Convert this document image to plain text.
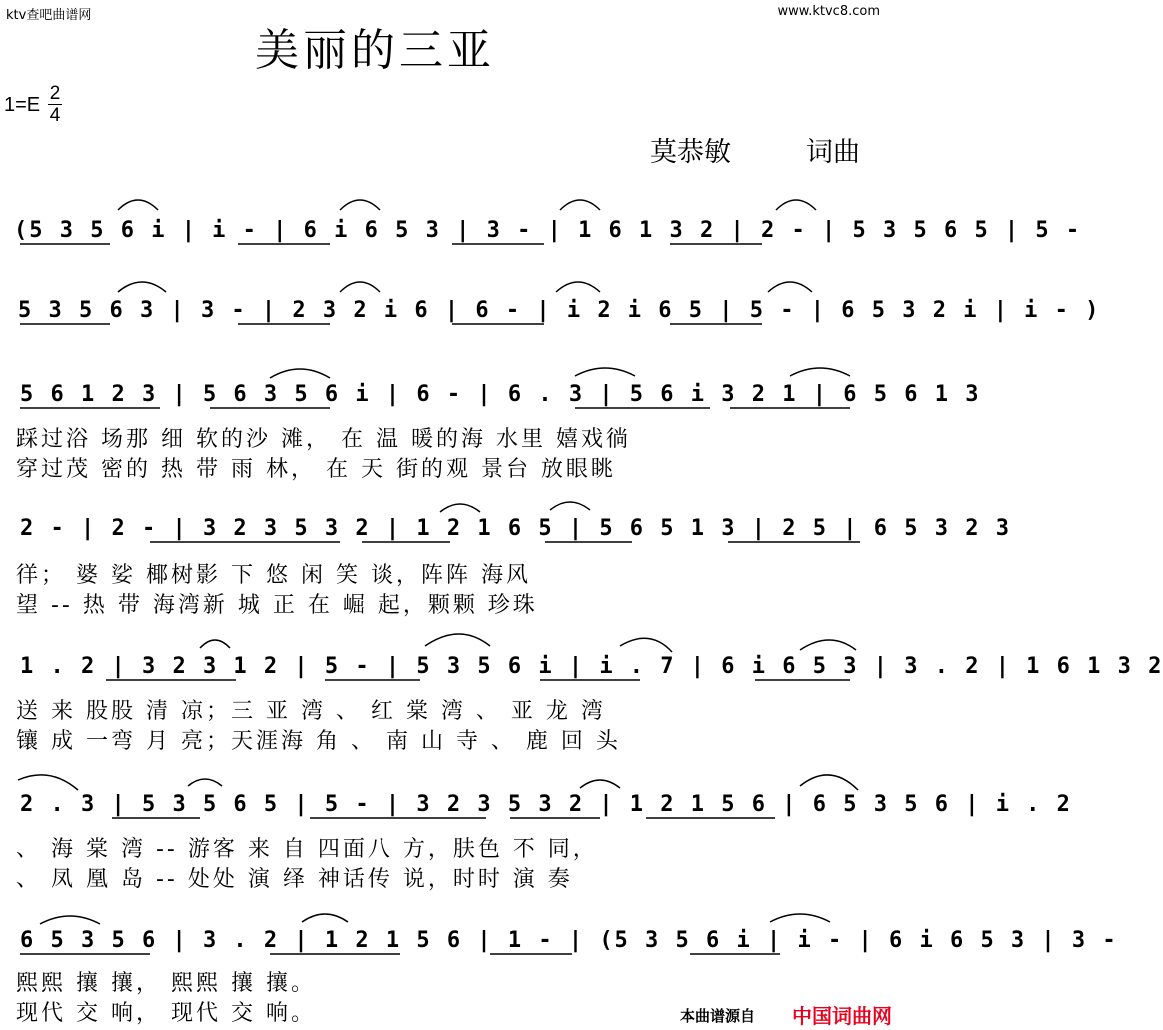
ktv查吧曲谱网	www.ktvc8.com
美丽的三亚
1=E
2
4
莫恭敏	词曲
(5 3 5 6 i | i - | 6 i 6 5 3 | 3 - | 1 6 1 3 2 | 2 - | 5 3 5 6 5 | 5 -
5 3 5 6 3 | 3 - | 2 3 2 i 6 | 6 - | i 2 i 6 5 | 5 - | 6 5 3 2 i | i - )
5 6 1 2 3 | 5 6 3 5 6 i | 6 - | 6 . 3 | 5 6 i 3 2 1 | 6 5 6 1 3
2 - | 2 - | 3 2 3 5 3 2 | 1 2 1 6 5 | 5 6 5 1 3 | 2 5 | 6 5 3 2 3
1 . 2 | 3 2 3 1 2 | 5 - | 5 3 5 6 i | i . 7 | 6 i 6 5 3 | 3 . 2 | 1 6 1 3 2
2 . 3 | 5 3 5 6 5 | 5 - | 3 2 3 5 3 2 | 1 2 1 5 6 | 6 5 3 5 6 | i . 2
6 5 3 5 6 | 3 . 2 | 1 2 1 5 6 | 1 - | (5 3 5 6 i | i - | 6 i 6 5 3 | 3 -
踩过浴 场那 细 软的沙 滩， 在 温 暖的海 水里 嬉戏徜
穿过茂 密的 热 带 雨 林， 在 天 街的观 景台 放眼眺
徉； 婆 娑 椰树影 下 悠 闲 笑 谈，阵阵 海风
望 -- 热 带 海湾新 城 正 在 崛 起，颗颗 珍珠
送 来 股股 清 凉；三 亚 湾 、 红 棠 湾 、 亚 龙 湾
镶 成 一弯 月 亮；天涯海 角 、 南 山 寺 、 鹿 回 头
、 海 棠 湾 -- 游客 来 自 四面八 方，肤色 不 同，
、 凤 凰 岛 -- 处处 演 绎 神话传 说，时时 演 奏
熙熙 攘 攘， 熙熙 攘 攘。
现代 交 响， 现代 交 响。	本曲谱源自 中国词曲网
